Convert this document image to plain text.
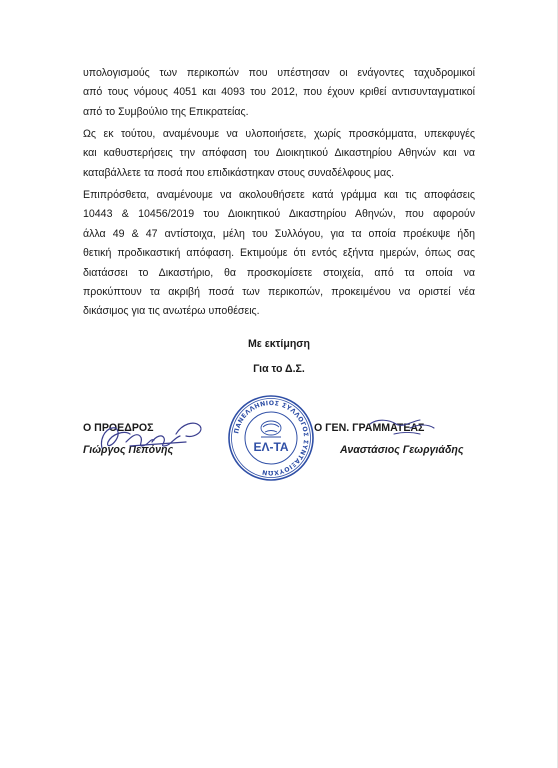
υπολογισμούς των περικοπών που υπέστησαν οι ενάγοντες ταχυδρομικοί
από τους νόμους 4051 και 4093 του 2012, που έχουν κριθεί αντισυνταγματικοί
από το Συμβούλιο της Επικρατείας.
Ως εκ τούτου, αναμένουμε να υλοποιήσετε, χωρίς προσκόμματα, υπεκφυγές
και καθυστερήσεις την απόφαση του Διοικητικού Δικαστηρίου Αθηνών και να
καταβάλλετε τα ποσά που επιδικάστηκαν στους συναδέλφους μας.
Επιπρόσθετα, αναμένουμε να ακολουθήσετε κατά γράμμα και τις αποφάσεις
10443 & 10456/2019 του Διοικητικού Δικαστηρίου Αθηνών, που αφορούν
άλλα 49 & 47 αντίστοιχα, μέλη του Συλλόγου, για τα οποία προέκυψε ήδη
θετική προδικαστική απόφαση. Εκτιμούμε ότι εντός εξήντα ημερών, όπως σας
διατάσσει το Δικαστήριο, θα προσκομίσετε στοιχεία, από τα οποία να
προκύπτουν τα ακριβή ποσά των περικοπών, προκειμένου να οριστεί νέα
δικάσιμος για τις ανωτέρω υποθέσεις.

Με εκτίμηση

Για το Δ.Σ.

Ο ΠΡΟΕΔΡΟΣ

Γιώργος Πεπόνης

ΠΑΝΕΛΛΗΝΙΟΣ ΣΥΛΛΟΓΟΣ ΣΥΝΤΑΞΙΟΥΧΩΝ
ΕΛ-ΤΑ

Ο ΓΕΝ. ΓΡΑΜΜΑΤΕΑΣ

Αναστάσιος Γεωργιάδης
